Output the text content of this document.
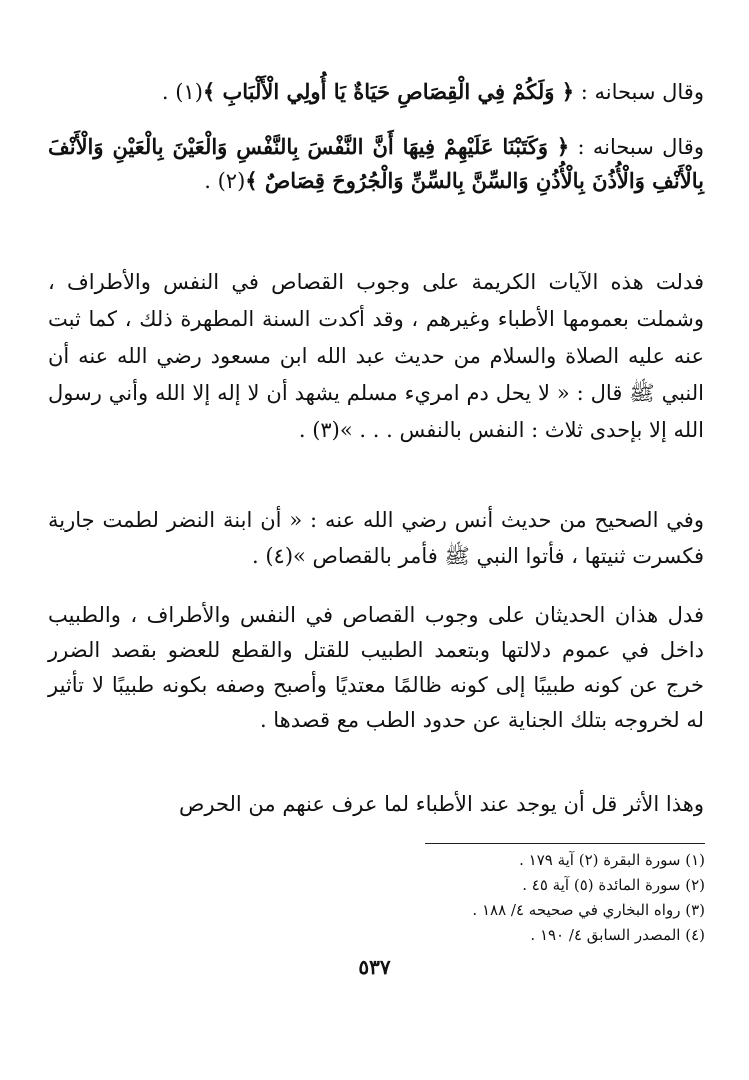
وقال سبحانه : ﴿ وَلَكُمْ فِي الْقِصَاصِ حَيَاةٌ يَا أُولِي الْأَلْبَابِ ﴾(١) .

وقال سبحانه : ﴿ وَكَتَبْنَا عَلَيْهِمْ فِيهَا أَنَّ النَّفْسَ بِالنَّفْسِ وَالْعَيْنَ بِالْعَيْنِ وَالْأَنْفَ بِالْأَنْفِ وَالْأُذُنَ بِالْأُذُنِ وَالسِّنَّ بِالسِّنِّ وَالْجُرُوحَ قِصَاصٌ ﴾(٢) .

فدلت هذه الآيات الكريمة على وجوب القصاص في النفس والأطراف ، وشملت بعمومها الأطباء وغيرهم ، وقد أكدت السنة المطهرة ذلك ، كما ثبت عنه عليه الصلاة والسلام من حديث عبد الله ابن مسعود رضي الله عنه أن النبي ﷺ قال : « لا يحل دم امريء مسلم يشهد أن لا إله إلا الله وأني رسول الله إلا بإحدى ثلاث : النفس بالنفس . . . »(٣) .

وفي الصحيح من حديث أنس رضي الله عنه : « أن ابنة النضر لطمت جارية فكسرت ثنيتها ، فأتوا النبي ﷺ فأمر بالقصاص »(٤) .

فدل هذان الحديثان على وجوب القصاص في النفس والأطراف ، والطبيب داخل في عموم دلالتها وبتعمد الطبيب للقتل والقطع للعضو بقصد الضرر خرج عن كونه طبيبًا إلى كونه ظالمًا معتديًا وأصبح وصفه بكونه طبيبًا لا تأثير له لخروجه بتلك الجناية عن حدود الطب مع قصدها .

وهذا الأثر قل أن يوجد عند الأطباء لما عرف عنهم من الحرص

(١) سورة البقرة (٢) آية ١٧٩ .
(٢) سورة المائدة (٥) آية ٤٥ .
(٣) رواه البخاري في صحيحه ٤/ ١٨٨ .
(٤) المصدر السابق ٤/ ١٩٠ .
٥٣٧
